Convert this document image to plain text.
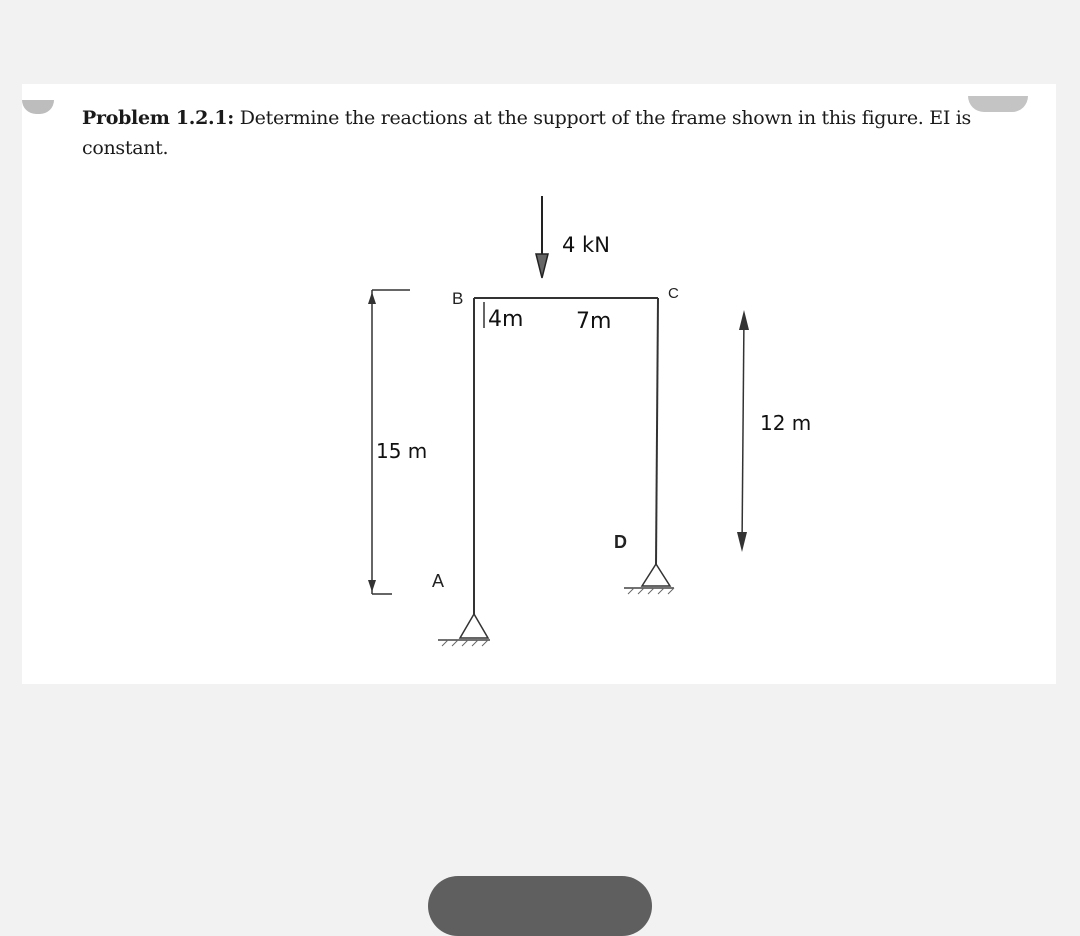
Problem 1.2.1: Determine the reactions at the support of the frame shown in this figure. EI is constant.
4 kN
B	C
D
A
4m 7m
15 m
12 m
